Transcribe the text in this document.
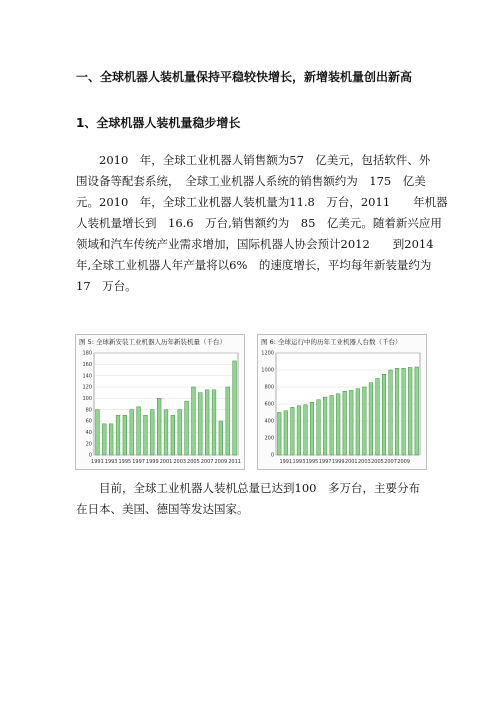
一、全球机器人装机量保持平稳较快增长，新增装机量创出新高
1、全球机器人装机量稳步增长
　　2010　年，全球工业机器人销售额为57　亿美元，包括软件、外
围设备等配套系统，　全球工业机器人系统的销售额约为　175　亿美
元。2010　年，全球工业机器人装机量为11.8　万台，2011　　年机器
人装机量增长到　16.6　万台,销售额约为　85　亿美元。随着新兴应用
领域和汽车传统产业需求增加，国际机器人协会预计2012　　到2014
年,全球工业机器人年产量将以6%　的速度增长，平均每年新装量约为
17　万台。
图 5: 全球新安装工业机器人历年新装机量（千台）
0
20
40
60
80
100
120
140
160
180
1991 1993 1995 1997 1999 2001 2003 2005 2007 2009 2011
图 6: 全球运行中的历年工业机器人台数（千台）
0
200
400
600
800
1000
1200
1991 1993 1995 1997 1999 2001 2003 2005 2007 2009
　　目前，全球工业机器人装机总量已达到100　多万台，主要分布
在日本、美国、德国等发达国家。
